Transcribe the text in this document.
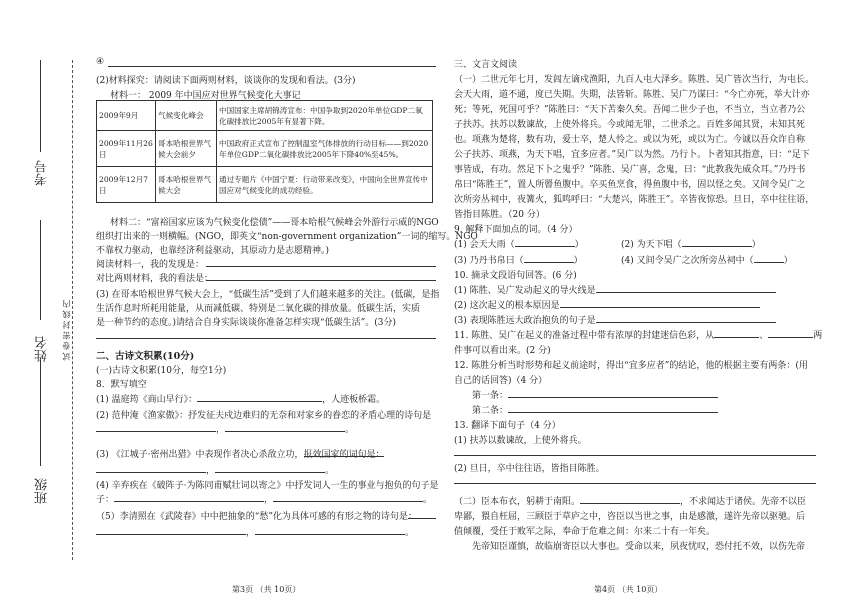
班级
姓名
考号
试 卷 密 封 线 内
④
(2)材料探究：请阅读下面两则材料，谈谈你的发现和看法。(3分)
材料一： 2009 年中国应对世界气候变化大事记
2009年9月	气候变化峰会	中国国家主席胡锦涛宣布：中国争取到2020年单位GDP二氧化碳排放比2005年有显著下降。
2009年11月26日	哥本哈根世界气候大会前夕	中国政府正式宣布了控制温室气体排放的行动目标——到2020年单位GDP二氧化碳排放比2005年下降40%至45%。
2009年12月7日	哥本哈根世界气候大会	通过专题片《中国宁夏：行动带来改变》，中国向全世界宣传中国应对气候变化的成功经验。
材料二：“富裕国家应该为气候变化偿债”——哥本哈根气候峰会外游行示威的NGO
组织打出来的一则横幅。(NGO，即英文“non-government organization”一词的缩写。NGO
不靠权力驱动，也靠经济利益驱动，其原动力是志愿精神。)
阅读材料一，我的发现是：
对比两则材料，我的看法是：
(3) 在哥本哈根世界气候大会上，“低碳生活”受到了人们越来越多的关注。(低碳，是指
生活作息时所耗用能量，从而减低碳、特别是二氧化碳的排放量。低碳生活，实质
是一种节约的态度。)请结合自身实际谈谈你准备怎样实现“低碳生活”。(3分)
二、古诗文积累(10分)
(一)古诗文积累(10分，每空1分)
8．默写填空
(1) 温庭筠《商山早行》：	，人迹板桥霜。
(2) 范仲淹《渔家傲》：抒发征夫戍边难归的无奈和对家乡的眷恋的矛盾心理的诗句是
，	。
(3) 《江城子·密州出猎》中表现作者决心杀敌立功，报效国家的词句是：
，	。
(4) 辛弃疾在《破阵子·为陈同甫赋壮词以寄之》中抒发词人一生的事业与抱负的句子是
子：	，	。
（5）李清照在《武陵春》中中把抽象的“愁”化为具体可感的有形之物的诗句是：
，	。
第3页 （共 10页）
三、文言文阅读
（一）二世元年七月，发闾左谪戍渔阳，九百人屯大泽乡。陈胜、吴广皆次当行，为屯长。
会天大雨，道不通，度已失期。失期，法皆斩。陈胜、吴广乃谋曰：“今亡亦死，举大计亦
死；等死，死国可乎？”陈胜曰：“天下苦秦久矣。吾闻二世少子也，不当立，当立者乃公
子扶苏。扶苏以数谏故，上使外将兵。今或闻无罪，二世杀之。百姓多闻其贤，未知其死
也。项燕为楚将，数有功，爱士卒，楚人怜之。或以为死，或以为亡。今诚以吾众诈自称
公子扶苏、项燕，为天下唱，宜多应者。”吴广以为然。乃行卜。卜者知其指意，曰：“足下
事皆成，有功。然足下卜之鬼乎？”陈胜、吴广喜，念鬼，曰：“此教我先威众耳。”乃丹书
帛曰“陈胜王”，置人所罾鱼腹中。卒买鱼烹食，得鱼腹中书，固以怪之矣。又间令吴广之
次所旁丛祠中，夜篝火，狐鸣呼曰：“大楚兴，陈胜王”。卒皆夜惊恐。旦日，卒中往往语，
皆指目陈胜。（20 分）
9. 解释下面加点的词。（4 分）
(1) 会天大雨（	）	(2) 为天下唱（	）
(3) 乃丹书帛曰（	）	(4) 又间令吴广之次所旁丛祠中（	）
10. 摘录文段语句回答。(6 分)
(1) 陈胜、吴广发动起义的导火线是
(2) 这次起义的根本原因是
(3) 表现陈胜远大政治抱负的句子是
11. 陈胜、吴广在起义的准备过程中带有浓厚的封建迷信色彩，从	、	两
件事可以看出来。(2 分)
12. 陈胜分析当时形势和起义前途时，得出“宜多应者”的结论，他的根据主要有两条：(用
自己的话回答)（4 分）
第一条：
第二条：
13. 翻译下面句子（4 分）
(1) 扶苏以数谏故，上使外将兵。
(2) 旦日，卒中往往语，皆指目陈胜。
（二）臣本布衣，躬耕于南阳。	，不求闻达于诸侯。先帝不以臣
卑鄙，猥自枉屈，三顾臣于草庐之中，咨臣以当世之事，由是感激，遂许先帝以驱驰。后
值倾覆，受任于败军之际，奉命于危难之间：尔来二十有一年矣。
先帝知臣谨慎，故临崩寄臣以大事也。受命以来，夙夜忧叹，恐付托不效，以伤先帝
第4页 （共 10页）
